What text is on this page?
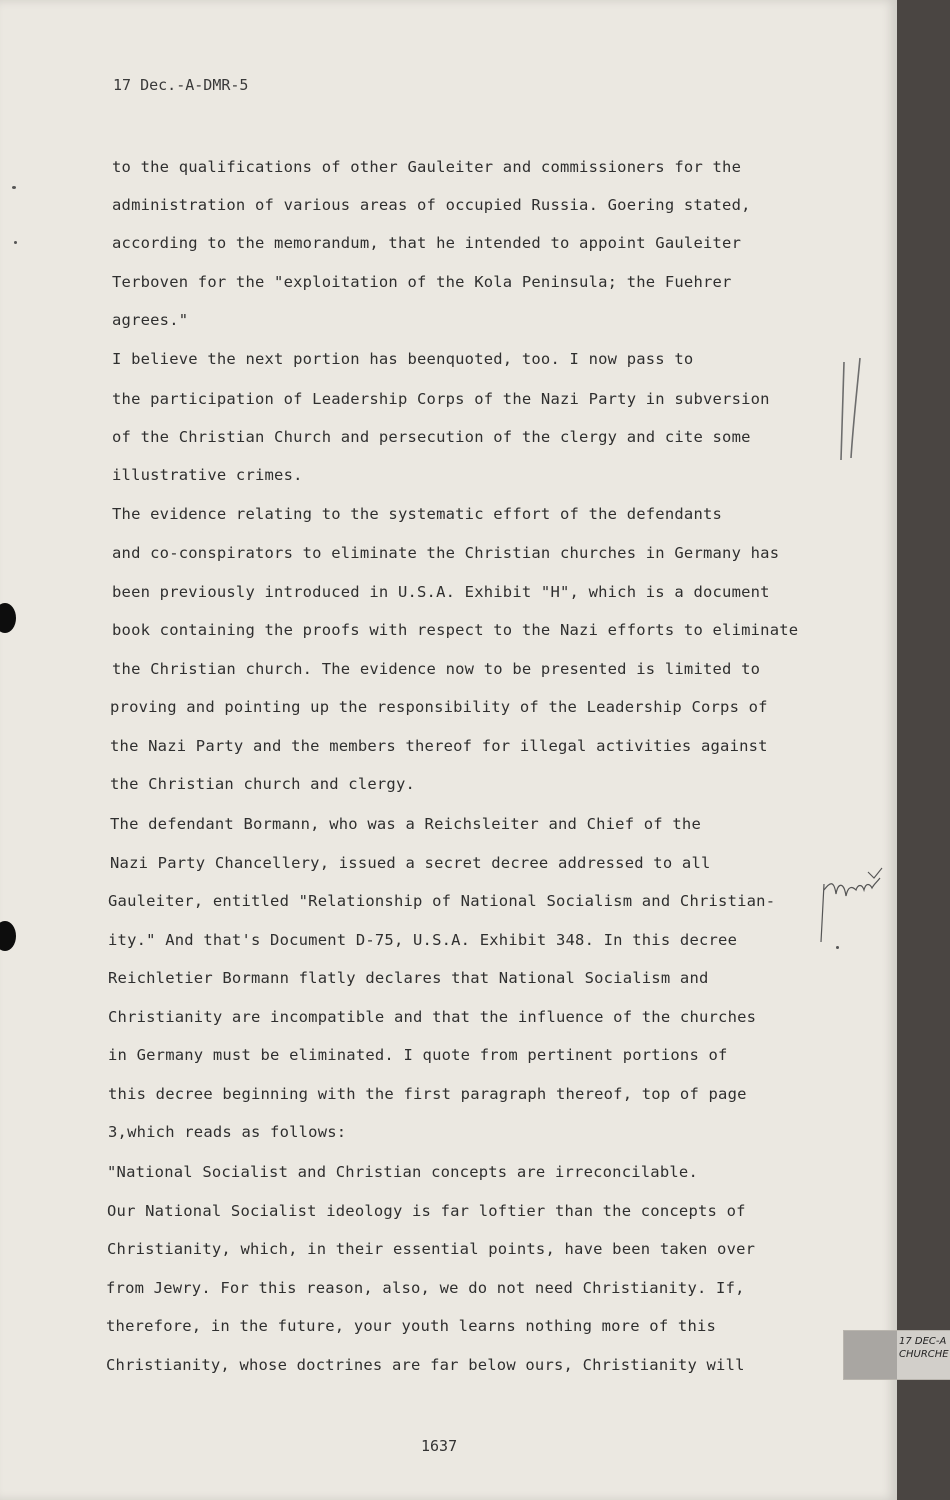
17 Dec.-A-DMR-5
to the qualifications of other Gauleiter and commissioners for the
administration of various areas of occupied Russia. Goering stated,
according to the memorandum, that he intended to appoint Gauleiter
Terboven for the "exploitation of the Kola Peninsula; the Fuehrer
agrees."
I believe the next portion has beenquoted, too. I now pass to
the participation of Leadership Corps of the Nazi Party in subversion
of the Christian Church and persecution of the clergy and cite some
illustrative crimes.
The evidence relating to the systematic effort of the defendants
and co-conspirators to eliminate the Christian churches in Germany has
been previously introduced in U.S.A. Exhibit "H", which is a document
book containing the proofs with respect to the Nazi efforts to eliminate
the Christian church. The evidence now to be presented is limited to
proving and pointing up the responsibility of the Leadership Corps of
the Nazi Party and the members thereof for illegal activities against
the Christian church and clergy.
The defendant Bormann, who was a Reichsleiter and Chief of the
Nazi Party Chancellery, issued a secret decree addressed to all
Gauleiter, entitled "Relationship of National Socialism and Christian-
ity." And that's Document D-75, U.S.A. Exhibit 348. In this decree
Reichletier Bormann flatly declares that National Socialism and
Christianity are incompatible and that the influence of the churches
in Germany must be eliminated. I quote from pertinent portions of
this decree beginning with the first paragraph thereof, top of page
3,which reads as follows:
"National Socialist and Christian concepts are irreconcilable.
Our National Socialist ideology is far loftier than the concepts of
Christianity, which, in their essential points, have been taken over
from Jewry. For this reason, also, we do not need Christianity. If,
therefore, in the future, your youth learns nothing more of this
Christianity, whose doctrines are far below ours, Christianity will
1637
17 DEC-A
CHURCHE
